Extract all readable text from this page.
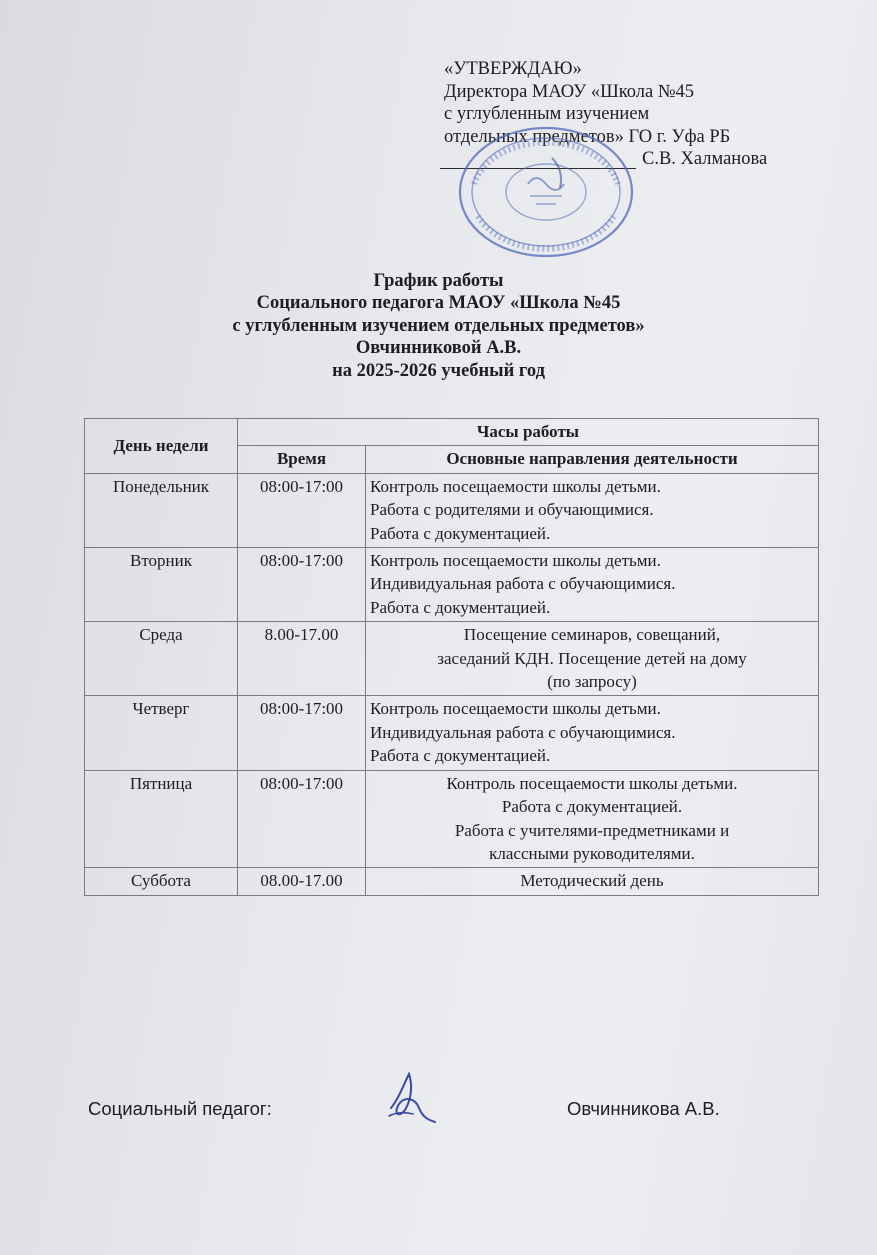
«УТВЕРЖДАЮ»
Директора МАОУ «Школа №45
с углубленным изучением
отдельных предметов» ГО г. Уфа РБ

С.В. Халманова
График работы
Социального педагога МАОУ «Школа №45
с углубленным изучением отдельных предметов»
Овчинниковой А.В.
на 2025-2026 учебный год
День недели	Часы работы	
	Время	Основные направления деятельности
Понедельник	08:00-17:00	Контроль посещаемости школы детьми.
Работа с родителями и обучающимися.
Работа с документацией.

Вторник	08:00-17:00	Контроль посещаемости школы детьми.
Индивидуальная работа с обучающимися.
Работа с документацией.

Среда	8.00-17.00	Посещение семинаров, совещаний,
заседаний КДН. Посещение детей на дому
(по запросу)

Четверг	08:00-17:00	Контроль посещаемости школы детьми.
Индивидуальная работа с обучающимися.
Работа с документацией.

Пятница	08:00-17:00	Контроль посещаемости школы детьми.
Работа с документацией.
Работа с учителями-предметниками и
классными руководителями.

Суббота	08.00-17.00	Методический день
Социальный педагог:	Овчинникова А.В.
